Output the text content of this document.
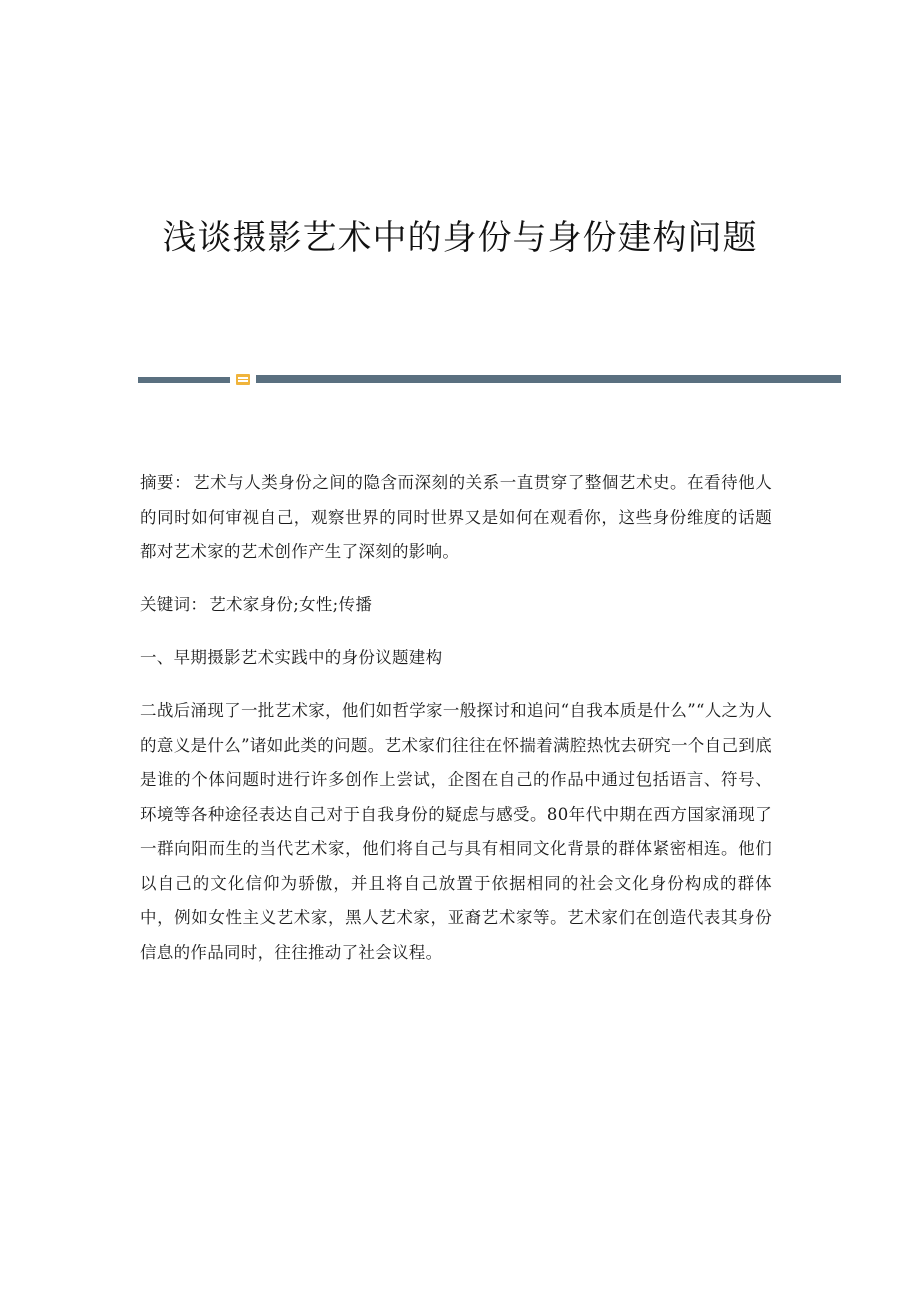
浅谈摄影艺术中的身份与身份建构问题

摘要： 艺术与人类身份之间的隐含而深刻的关系一直贯穿了整個艺术史。在看待他人的同时如何审视自己，观察世界的同时世界又是如何在观看你，这些身份维度的话题都对艺术家的艺术创作产生了深刻的影响。

关键词： 艺术家身份;女性;传播

一、早期摄影艺术实践中的身份议题建构

二战后涌现了一批艺术家，他们如哲学家一般探讨和追问“自我本质是什么”“人之为人的意义是什么”诸如此类的问题。艺术家们往往在怀揣着满腔热忱去研究一个自己到底是谁的个体问题时进行许多创作上尝试，企图在自己的作品中通过包括语言、符号、环境等各种途径表达自己对于自我身份的疑虑与感受。80年代中期在西方国家涌现了一群向阳而生的当代艺术家，他们将自己与具有相同文化背景的群体紧密相连。他们以自己的文化信仰为骄傲，并且将自己放置于依据相同的社会文化身份构成的群体中，例如女性主义艺术家，黑人艺术家，亚裔艺术家等。艺术家们在创造代表其身份信息的作品同时，往往推动了社会议程。
